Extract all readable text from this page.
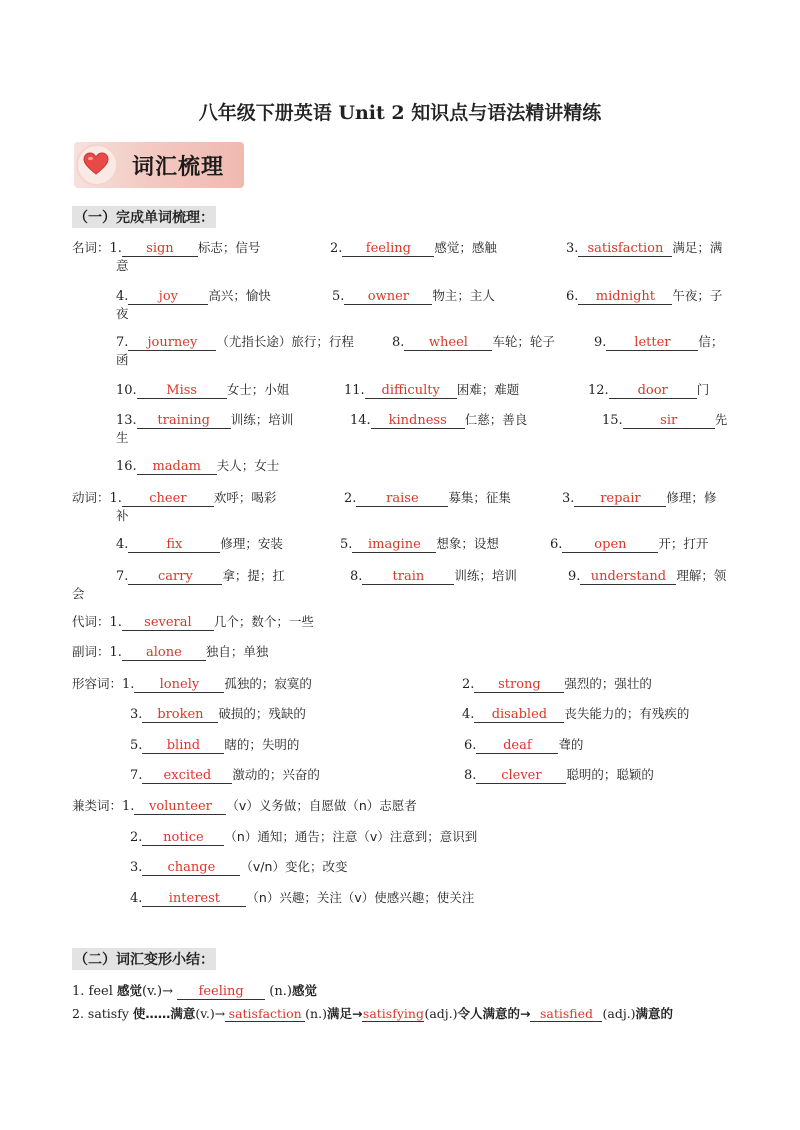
八年级下册英语 Unit 2 知识点与语法精讲精练
词汇梳理
（一）完成单词梳理：
名词：1. sign 标志；信号	2. feeling 感觉；感触	3. satisfaction 满足；满
意
4. joy 高兴；愉快	5. owner 物主；主人	6. midnight 午夜；子
夜
7. journey （尤指长途）旅行；行程	8. wheel 车轮；轮子	9. letter 信；
函
10. Miss 女士；小姐	11. difficulty 困难；难题	12. door 门
13. training 训练；培训	14. kindness 仁慈；善良	15.	sir	先
生
16. madam 夫人；女士
动词：1. cheer 欢呼；喝彩	2. raise 募集；征集	3. repair 修理；修
补
4.	fix	修理；安装	5. imagine 想象；设想	6. open	开；打开
7. carry 拿；提；扛	8. train 训练；培训	9. understand 理解；领
会
代词：1. several 几个；数个；一些
副词：1. alone 独自；单独
形容词：1. lonely 孤独的；寂寞的	2. strong 强烈的；强壮的
3. broken 破损的；残缺的	4. disabled 丧失能力的；有残疾的
5. blind 瞎的；失明的	6. deaf 聋的
7. excited 激动的；兴奋的	8. clever 聪明的；聪颖的
兼类词：1. volunteer （v）义务做；自愿做（n）志愿者
2. notice （n）通知；通告；注意（v）注意到；意识到
3. change （v/n）变化；改变
4. interest （n）兴趣；关注（v）使感兴趣；使关注
（二）词汇变形小结：
1. feel 感觉(v.)→ feeling (n.)感觉
2. satisfy 使……满意(v.)→ satisfaction (n.)满足→satisfying(adj.)令人满意的→ satisfied (adj.)满意的
